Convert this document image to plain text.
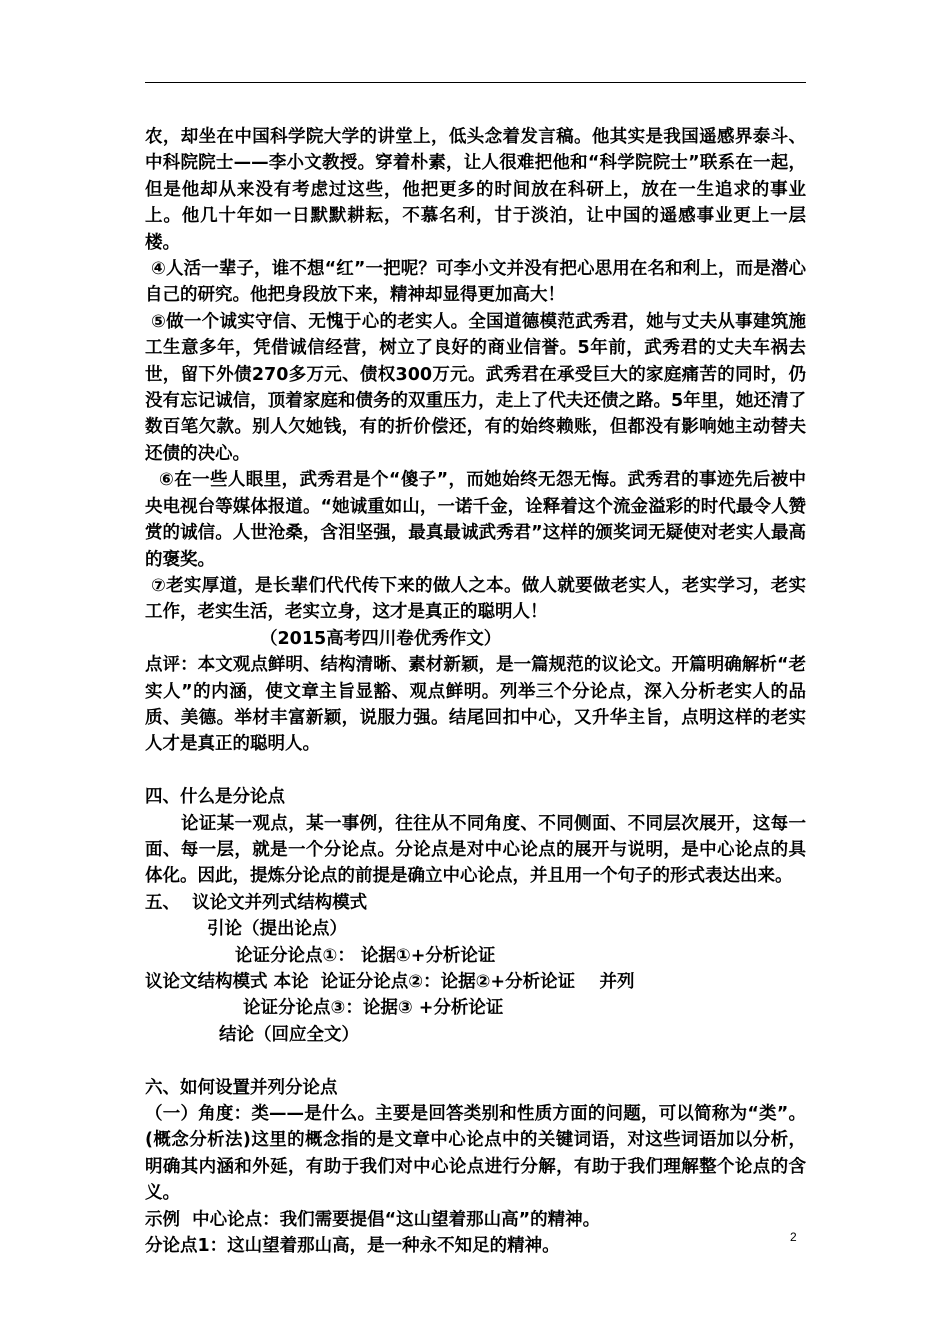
农，却坐在中国科学院大学的讲堂上，低头念着发言稿。他其实是我国遥感界泰斗、中科院院士——李小文教授。穿着朴素，让人很难把他和“科学院院士”联系在一起，但是他却从来没有考虑过这些，他把更多的时间放在科研上，放在一生追求的事业上。他几十年如一日默默耕耘，不慕名利，甘于淡泊，让中国的遥感事业更上一层楼。

④人活一辈子，谁不想“红”一把呢？可李小文并没有把心思用在名和利上，而是潜心自己的研究。他把身段放下来，精神却显得更加高大！

⑤做一个诚实守信、无愧于心的老实人。全国道德模范武秀君，她与丈夫从事建筑施工生意多年，凭借诚信经营，树立了良好的商业信誉。5年前，武秀君的丈夫车祸去世，留下外债270多万元、债权300万元。武秀君在承受巨大的家庭痛苦的同时，仍没有忘记诚信，顶着家庭和债务的双重压力，走上了代夫还债之路。5年里，她还清了数百笔欠款。别人欠她钱，有的折价偿还，有的始终赖账，但都没有影响她主动替夫还债的决心。

⑥在一些人眼里，武秀君是个“傻子”，而她始终无怨无悔。武秀君的事迹先后被中央电视台等媒体报道。“她诚重如山，一诺千金，诠释着这个流金溢彩的时代最令人赞赏的诚信。人世沧桑，含泪坚强，最真最诚武秀君”这样的颁奖词无疑使对老实人最高的褒奖。

⑦老实厚道，是长辈们代代传下来的做人之本。做人就要做老实人，老实学习，老实工作，老实生活，老实立身，这才是真正的聪明人！

（2015高考四川卷优秀作文）

点评：本文观点鲜明、结构清晰、素材新颖，是一篇规范的议论文。开篇明确解析“老实人”的内涵，使文章主旨显豁、观点鲜明。列举三个分论点，深入分析老实人的品质、美德。举材丰富新颖，说服力强。结尾回扣中心，又升华主旨，点明这样的老实人才是真正的聪明人。

四、什么是分论点

论证某一观点，某一事例，往往从不同角度、不同侧面、不同层次展开，这每一面、每一层，就是一个分论点。分论点是对中心论点的展开与说明，是中心论点的具体化。因此，提炼分论点的前提是确立中心论点，并且用一个句子的形式表达出来。

五、  议论文并列式结构模式

引论（提出论点）

论证分论点①： 论据①+分析论证

议论文结构模式 本论  论证分论点②：论据②+分析论证    并列

论证分论点③：论据③ +分析论证

结论（回应全文）

六、如何设置并列分论点

（一）角度：类——是什么。主要是回答类别和性质方面的问题，可以简称为“类”。(概念分析法)这里的概念指的是文章中心论点中的关键词语，对这些词语加以分析，明确其内涵和外延，有助于我们对中心论点进行分解，有助于我们理解整个论点的含义。

示例  中心论点：我们需要提倡“这山望着那山高”的精神。

分论点1：这山望着那山高，是一种永不知足的精神。	2
